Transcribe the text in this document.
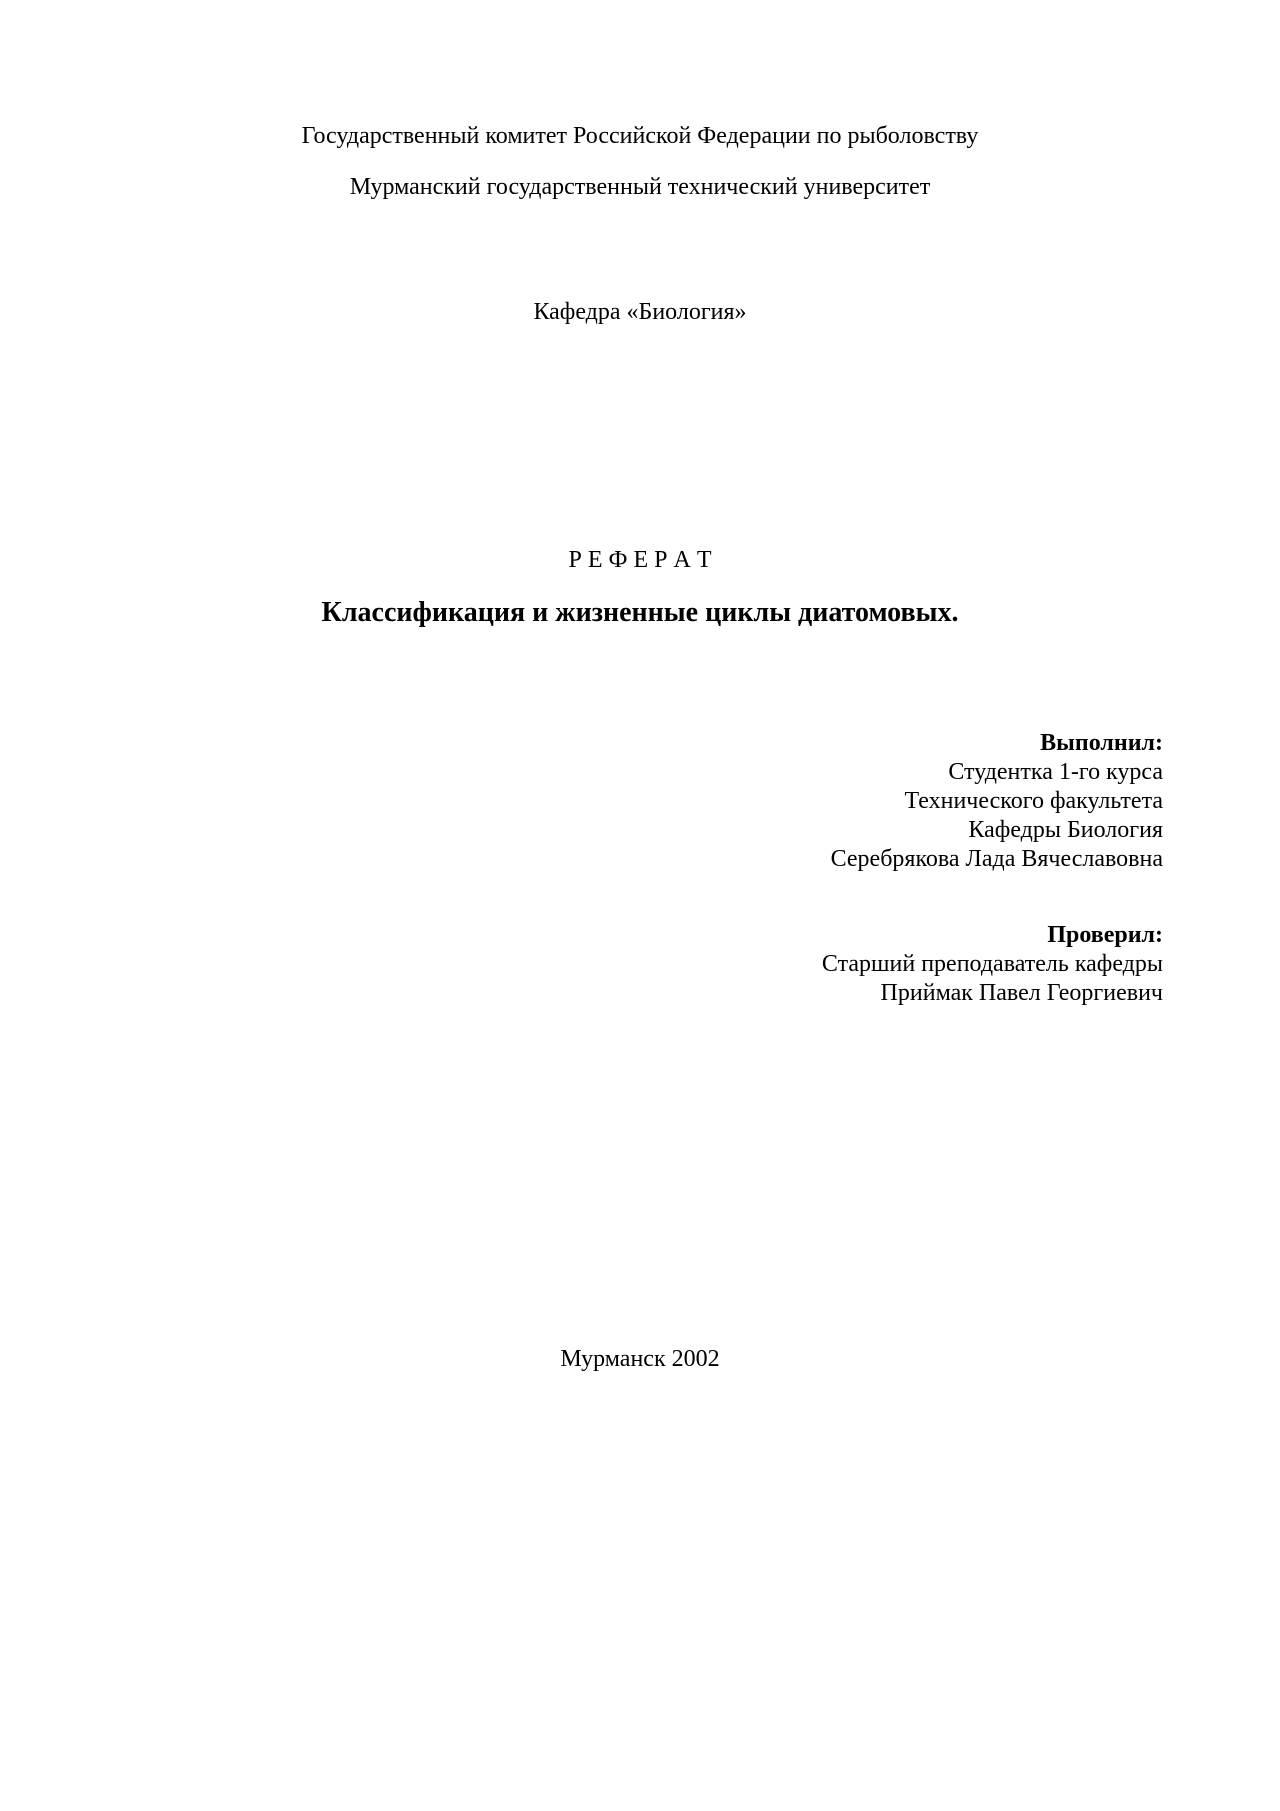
Государственный комитет Российской Федерации по рыболовству
Мурманский государственный технический университет
Кафедра «Биология»
Р Е Ф Е Р А Т
Классификация и жизненные циклы диатомовых.
Выполнил:
Студентка 1-го курса
Технического факультета
Кафедры Биология
Серебрякова Лада Вячеславовна
Проверил:
Старший преподаватель кафедры
Приймак Павел Георгиевич
Мурманск 2002
